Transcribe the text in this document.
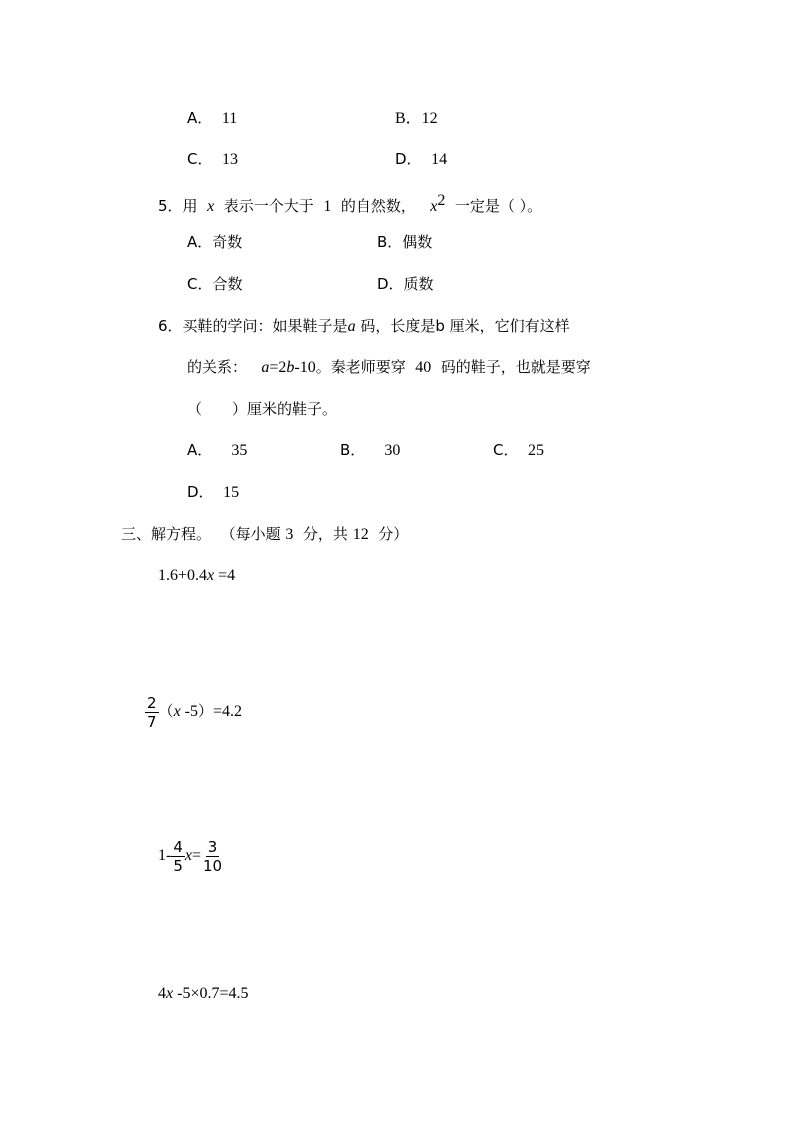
A． 11	B．12
C． 13	D． 14
5．用 x 表示一个大于 1 的自然数， $x^2$ 一定是（ ）。
A．奇数	B．偶数
C．合数	D．质数
6．买鞋的学问：如果鞋子是a 码，长度是b 厘米，它们有这样
的关系： a=2b-10。秦老师要穿 40 码的鞋子，也就是要穿
（　　）厘米的鞋子。
A． 35	B． 30	C． 25
D． 15
三、解方程。 （每小题 3 分，共 12 分）
1.6+0.4x =4
$\frac{2}{7} (x$ -5）=4.2
$1- \frac{4}{5} x= \frac{3}{10}$
4x -5×0.7=4.5
